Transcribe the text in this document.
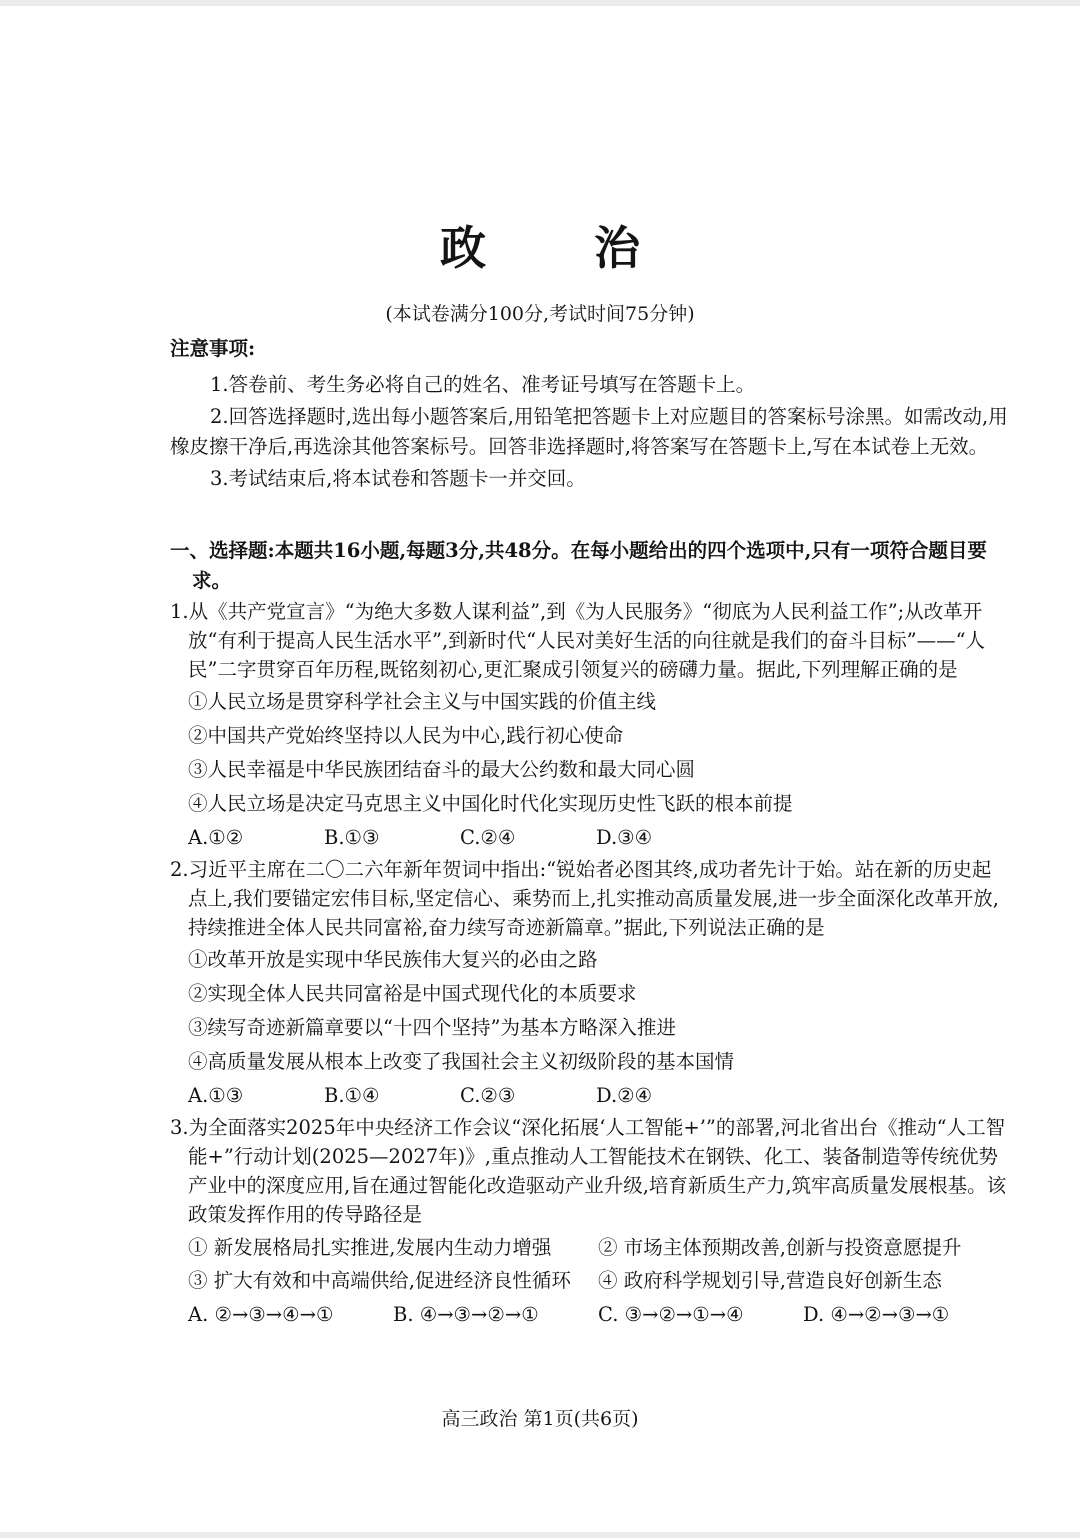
政 治
(本试卷满分100分,考试时间75分钟)
注意事项:
1.答卷前、考生务必将自己的姓名、准考证号填写在答题卡上。
2.回答选择题时,选出每小题答案后,用铅笔把答题卡上对应题目的答案标号涂黑。如需改动,用橡皮擦干净后,再选涂其他答案标号。回答非选择题时,将答案写在答题卡上,写在本试卷上无效。
3.考试结束后,将本试卷和答题卡一并交回。
一、选择题:本题共16小题,每题3分,共48分。在每小题给出的四个选项中,只有一项符合题目要求。
1.从《共产党宣言》“为绝大多数人谋利益”,到《为人民服务》“彻底为人民利益工作”;从改革开放“有利于提高人民生活水平”,到新时代“人民对美好生活的向往就是我们的奋斗目标”——“人民”二字贯穿百年历程,既铭刻初心,更汇聚成引领复兴的磅礴力量。据此,下列理解正确的是
①人民立场是贯穿科学社会主义与中国实践的价值主线
②中国共产党始终坚持以人民为中心,践行初心使命
③人民幸福是中华民族团结奋斗的最大公约数和最大同心圆
④人民立场是决定马克思主义中国化时代化实现历史性飞跃的根本前提
A.①②	B.①③	C.②④	D.③④
2.习近平主席在二〇二六年新年贺词中指出:“锐始者必图其终,成功者先计于始。站在新的历史起点上,我们要锚定宏伟目标,坚定信心、乘势而上,扎实推动高质量发展,进一步全面深化改革开放,持续推进全体人民共同富裕,奋力续写奇迹新篇章。”据此,下列说法正确的是
①改革开放是实现中华民族伟大复兴的必由之路
②实现全体人民共同富裕是中国式现代化的本质要求
③续写奇迹新篇章要以“十四个坚持”为基本方略深入推进
④高质量发展从根本上改变了我国社会主义初级阶段的基本国情
A.①③	B.①④	C.②③	D.②④
3.为全面落实2025年中央经济工作会议“深化拓展‘人工智能+’”的部署,河北省出台《推动“人工智能+”行动计划(2025—2027年)》,重点推动人工智能技术在钢铁、化工、装备制造等传统优势产业中的深度应用,旨在通过智能化改造驱动产业升级,培育新质生产力,筑牢高质量发展根基。该政策发挥作用的传导路径是
① 新发展格局扎实推进,发展内生动力增强	② 市场主体预期改善,创新与投资意愿提升
③ 扩大有效和中高端供给,促进经济良性循环	④ 政府科学规划引导,营造良好创新生态
A. ②→③→④→①	B. ④→③→②→①	C. ③→②→①→④	D. ④→②→③→①
高三政治 第1页(共6页)
